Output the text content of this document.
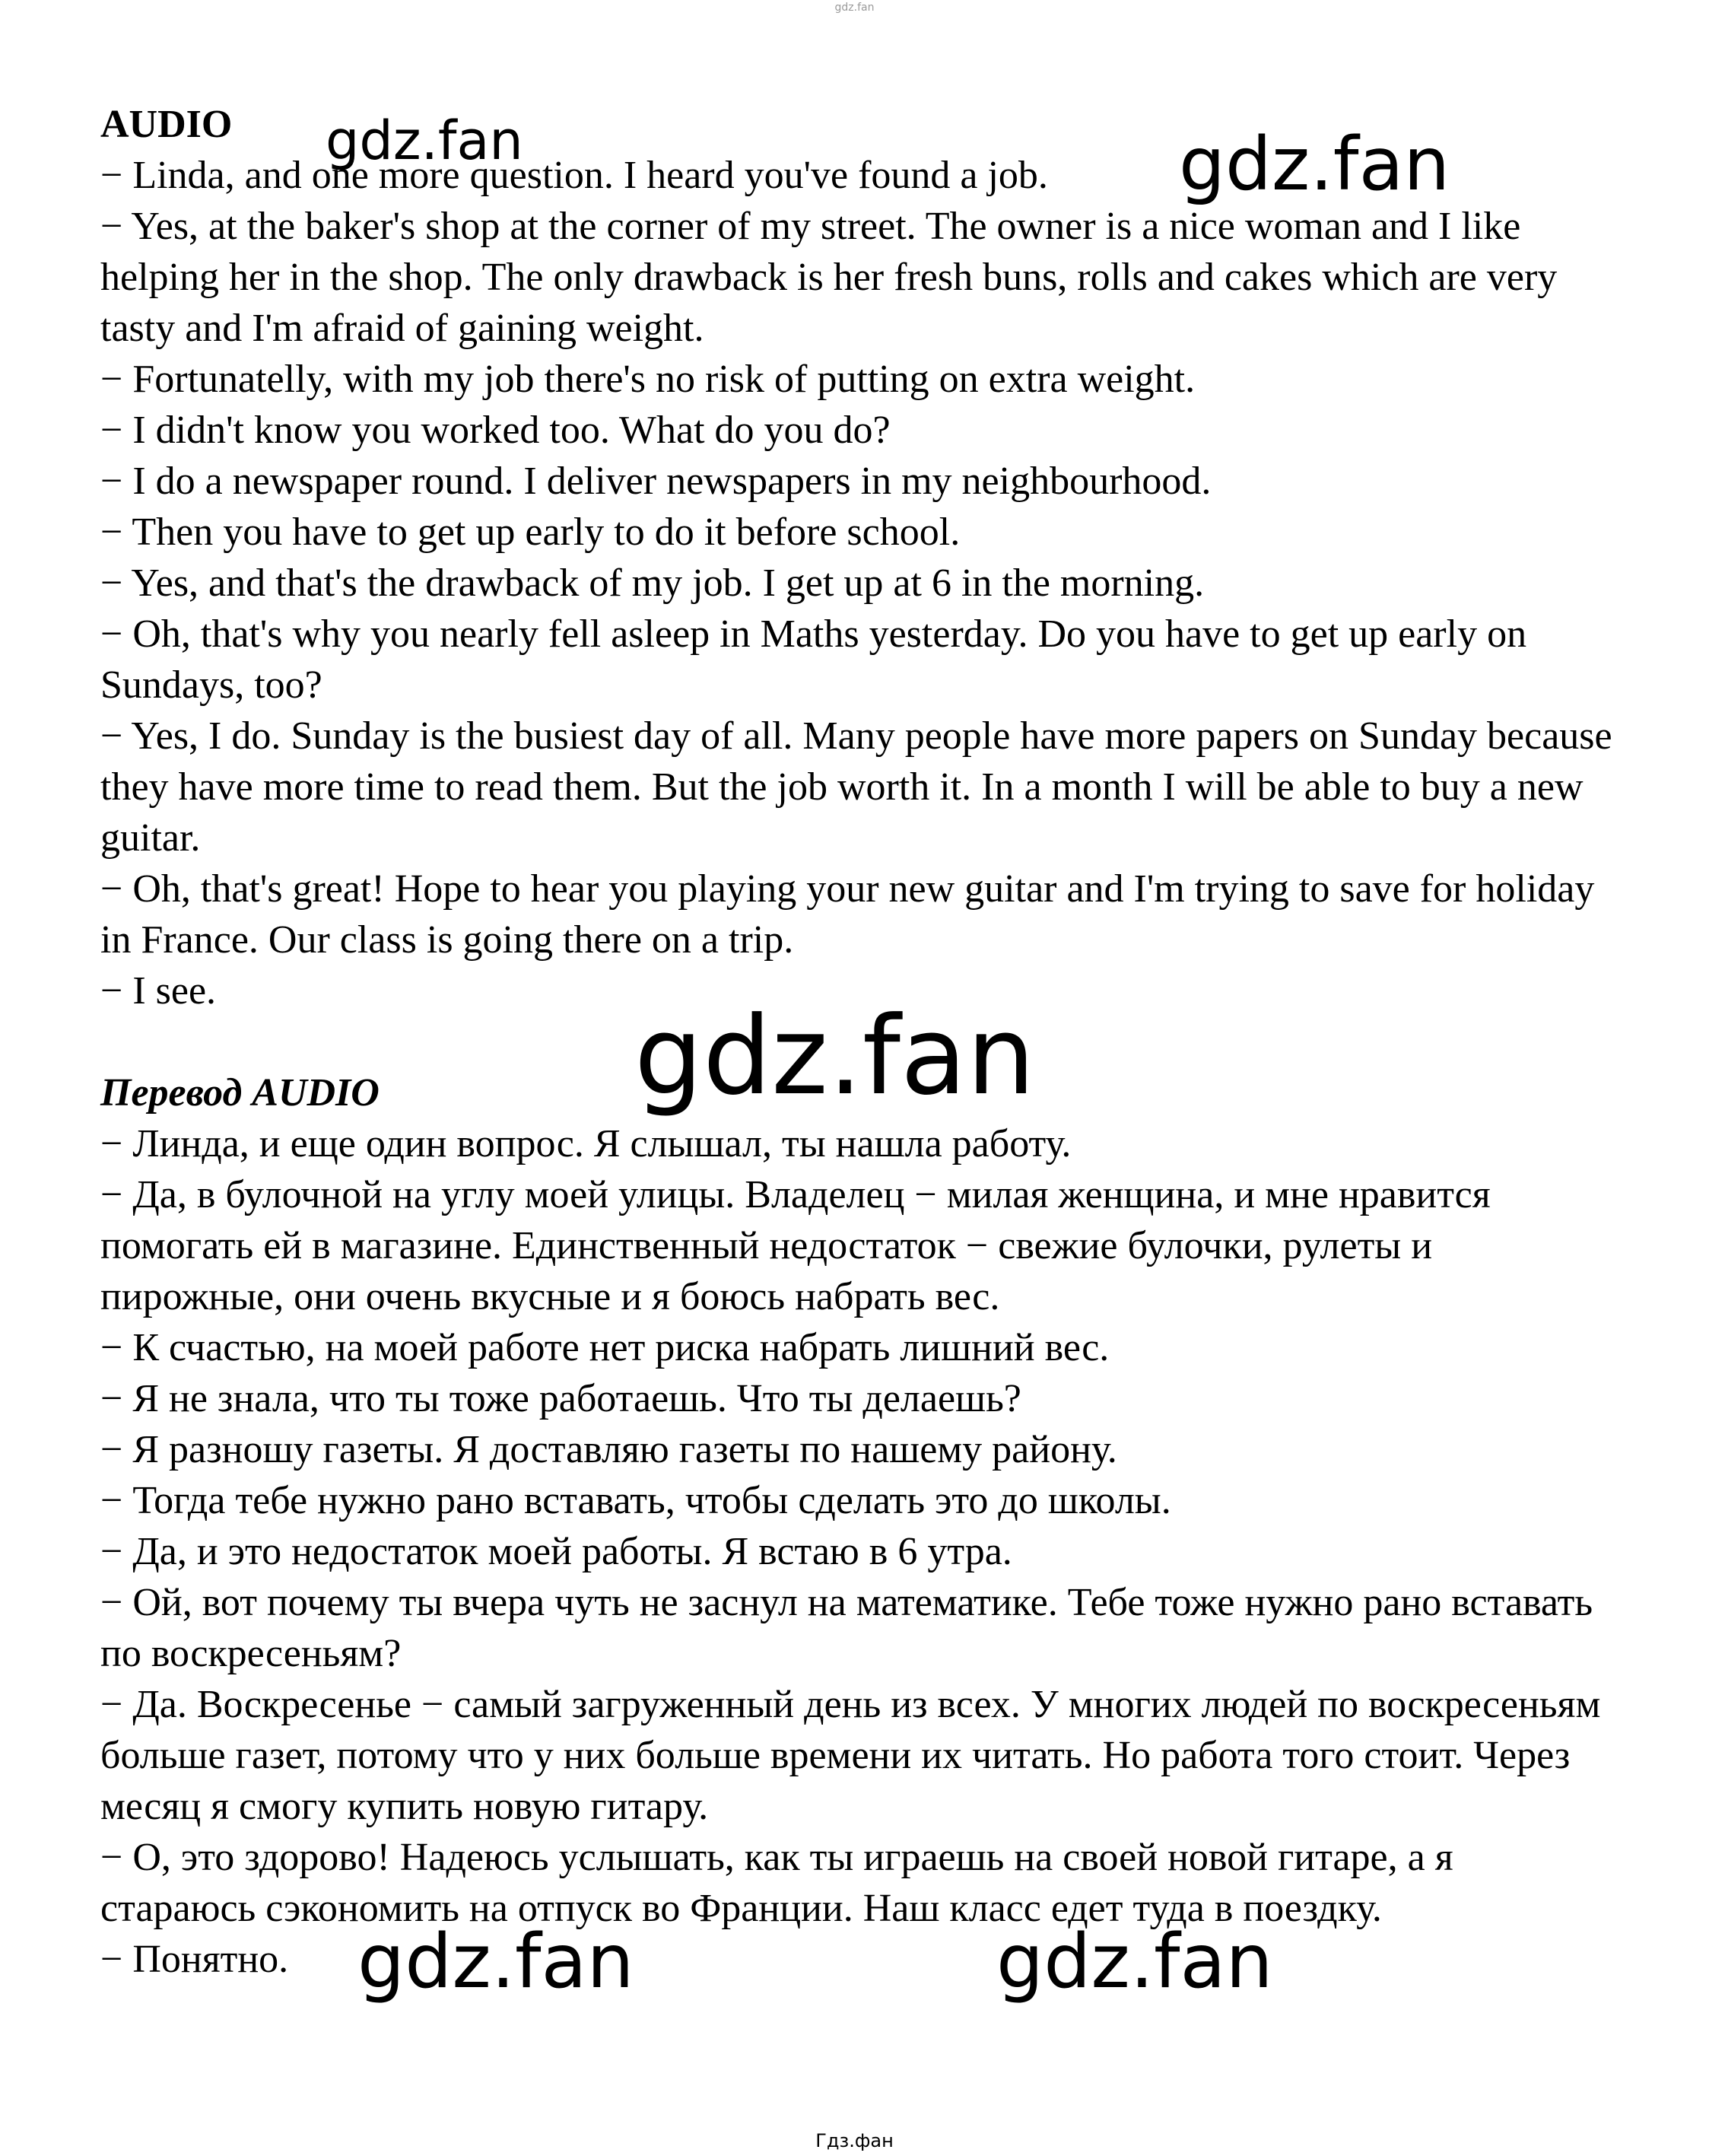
gdz.fan

AUDIO

− Linda, and one more question. I heard you've found a job.

− Yes, at the baker's shop at the corner of my street. The owner is a nice woman and I like helping her in the shop. The only drawback is her fresh buns, rolls and cakes which are very tasty and I'm afraid of gaining weight.

− Fortunatelly, with my job there's no risk of putting on extra weight.

− I didn't know you worked too. What do you do?

− I do a newspaper round. I deliver newspapers in my neighbourhood.

− Then you have to get up early to do it before school.

− Yes, and that's the drawback of my job. I get up at 6 in the morning.

− Oh, that's why you nearly fell asleep in Maths yesterday. Do you have to get up early on Sundays, too?

− Yes, I do. Sunday is the busiest day of all. Many people have more papers on Sunday because they have more time to read them. But the job worth it. In a month I will be able to buy a new guitar.

− Oh, that's great! Hope to hear you playing your new guitar and I'm trying to save for holiday in France. Our class is going there on a trip.

− I see.

Перевод AUDIO

− Линда, и еще один вопрос. Я слышал, ты нашла работу.

− Да, в булочной на углу моей улицы. Владелец − милая женщина, и мне нравится помогать ей в магазине. Единственный недостаток − свежие булочки, рулеты и пирожные, они очень вкусные и я боюсь набрать вес.

− К счастью, на моей работе нет риска набрать лишний вес.

− Я не знала, что ты тоже работаешь. Что ты делаешь?

− Я разношу газеты. Я доставляю газеты по нашему району.

− Тогда тебе нужно рано вставать, чтобы сделать это до школы.

− Да, и это недостаток моей работы. Я встаю в 6 утра.

− Ой, вот почему ты вчера чуть не заснул на математике. Тебе тоже нужно рано вставать по воскресеньям?

− Да. Воскресенье − самый загруженный день из всех. У многих людей по воскресеньям больше газет, потому что у них больше времени их читать. Но работа того стоит. Через месяц я смогу купить новую гитару.

− О, это здорово! Надеюсь услышать, как ты играешь на своей новой гитаре, а я стараюсь сэкономить на отпуск во Франции. Наш класс едет туда в поездку.

− Понятно.

gdz.fan	gdz.fan
gdz.fan
gdz.fan	gdz.fan
Гдз.фан
